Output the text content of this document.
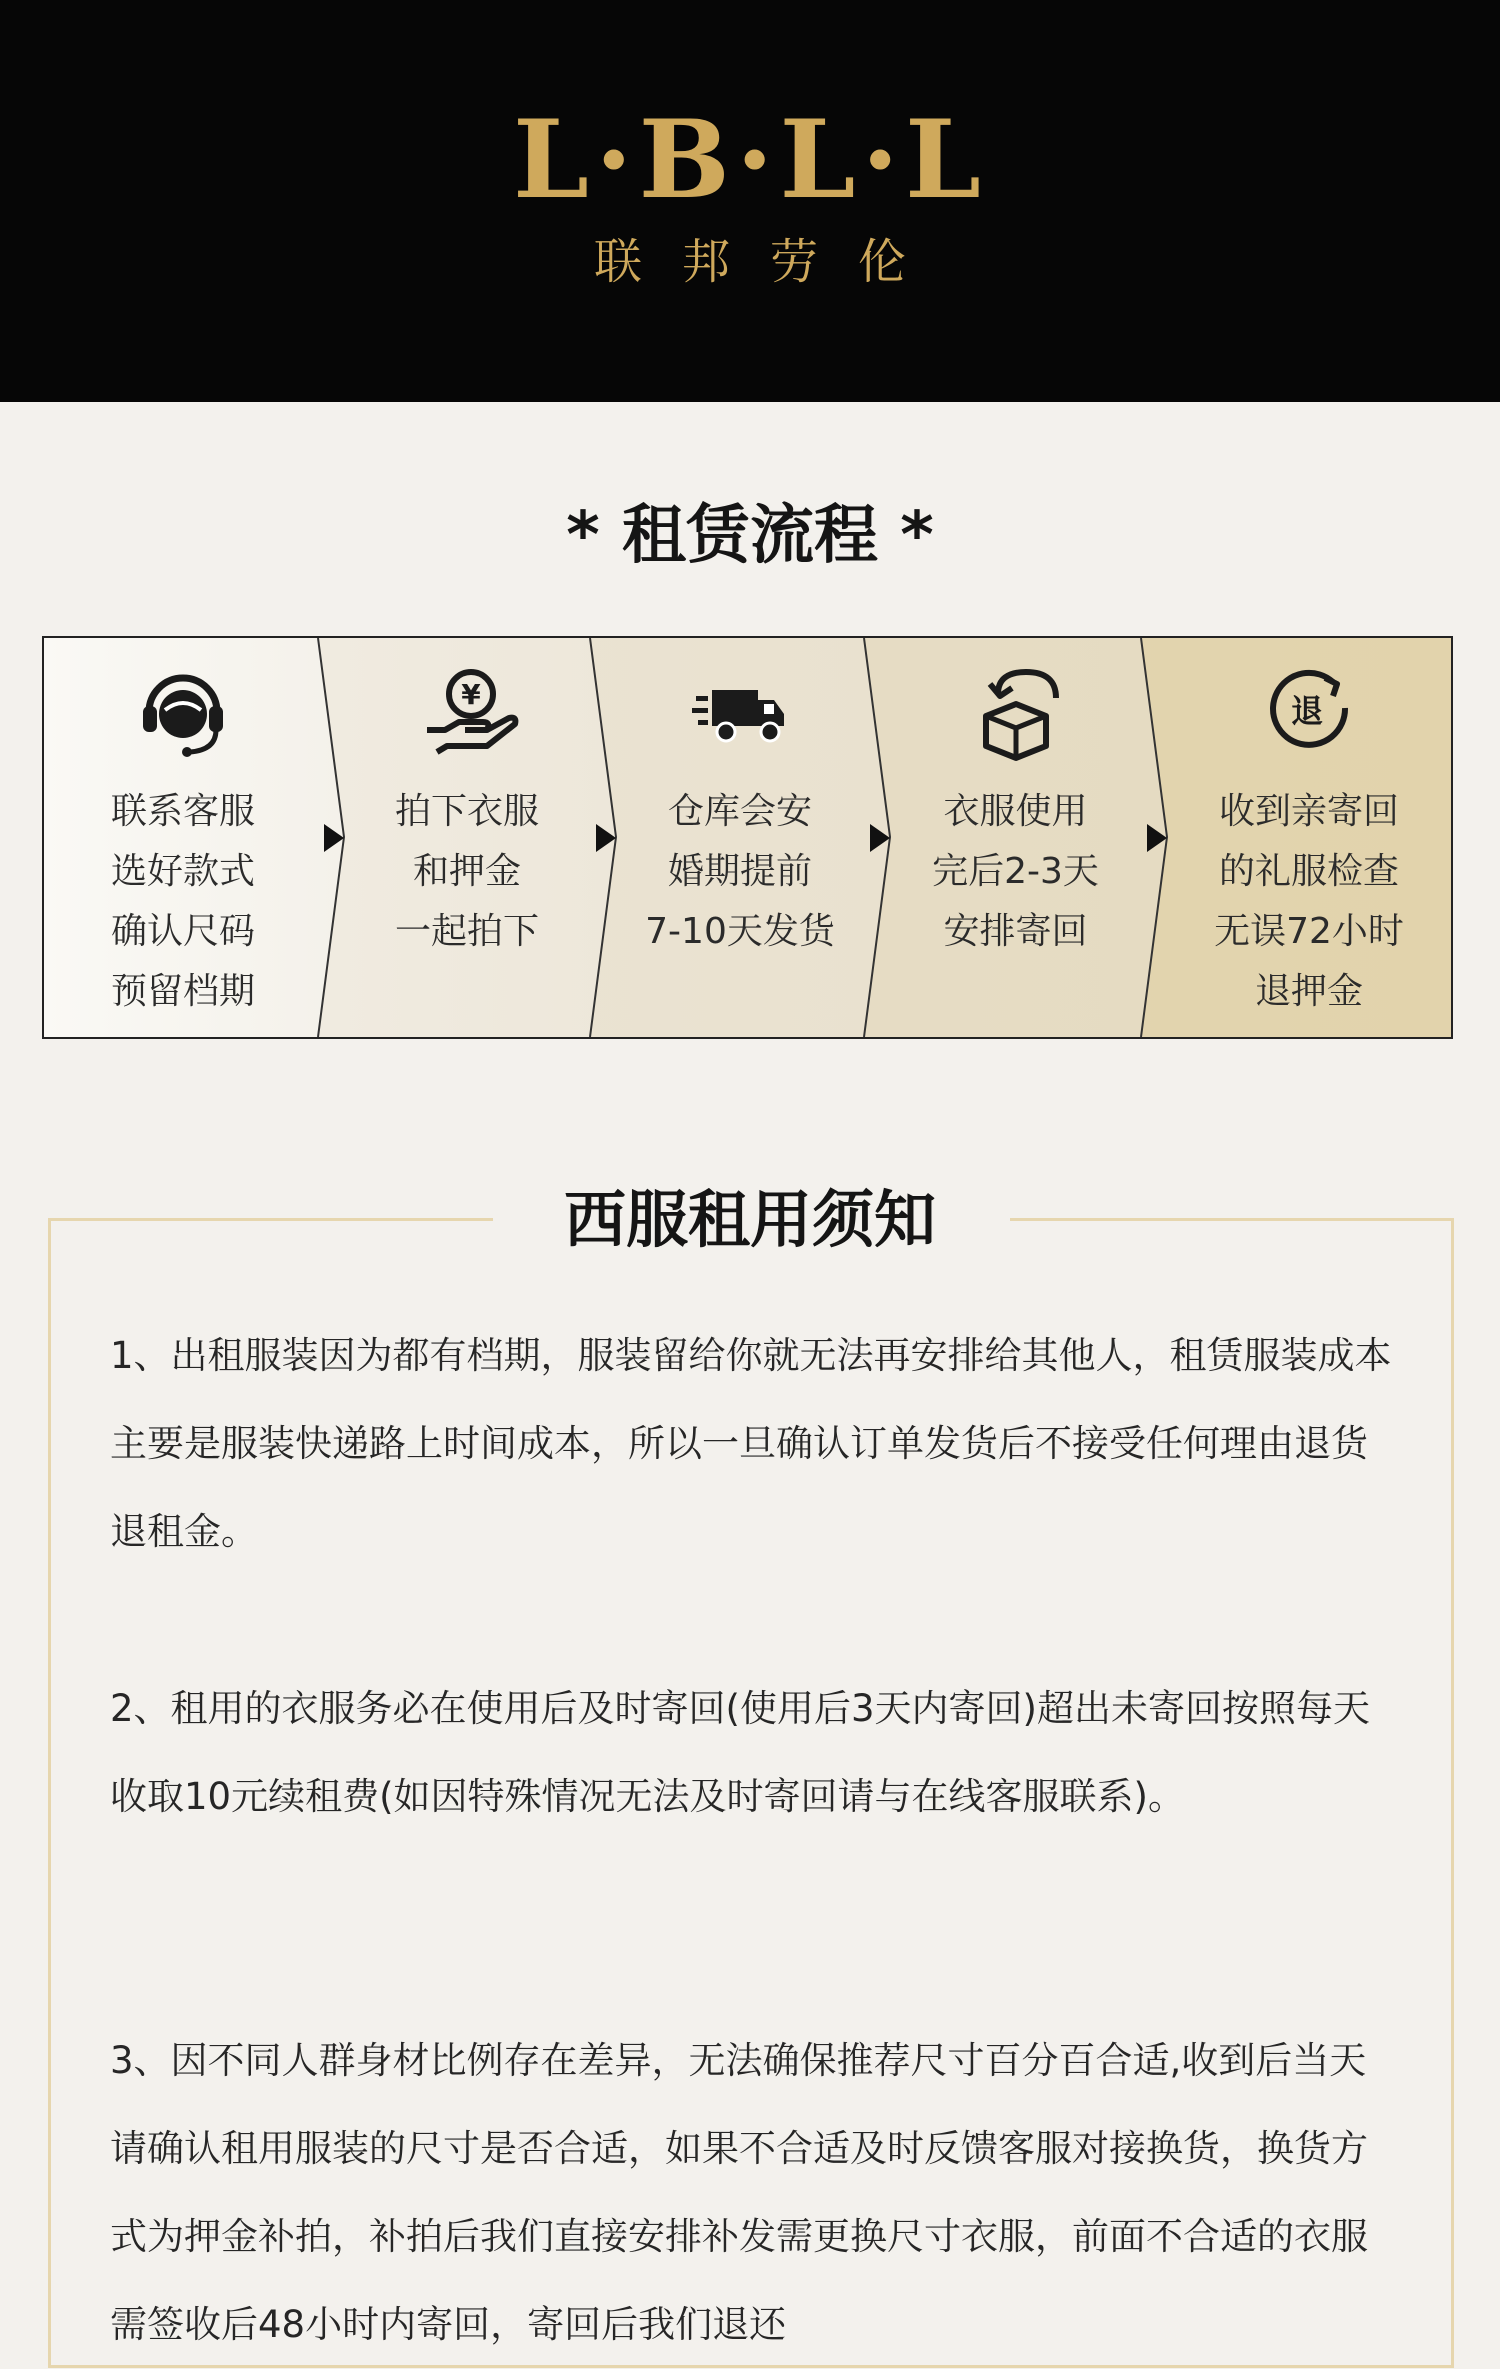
L·B·L·L
联邦劳伦
* 租赁流程 *
联系客服
选好款式
确认尺码
预留档期
¥
拍下衣服
和押金
一起拍下
仓库会安
婚期提前
7-10天发货
衣服使用
完后2-3天
安排寄回
退
收到亲寄回
的礼服检查
无误72小时
退押金
西服租用须知
1、出租服装因为都有档期，服装留给你就无法再安排给其他人，租赁服装成本主要是服装快递路上时间成本，所以一旦确认订单发货后不接受任何理由退货退租金。
2、租用的衣服务必在使用后及时寄回(使用后3天内寄回)超出未寄回按照每天收取10元续租费(如因特殊情况无法及时寄回请与在线客服联系)。
3、因不同人群身材比例存在差异，无法确保推荐尺寸百分百合适,收到后当天请确认租用服装的尺寸是否合适，如果不合适及时反馈客服对接换货，换货方式为押金补拍，补拍后我们直接安排补发需更换尺寸衣服，前面不合适的衣服需签收后48小时内寄回，寄回后我们退还
